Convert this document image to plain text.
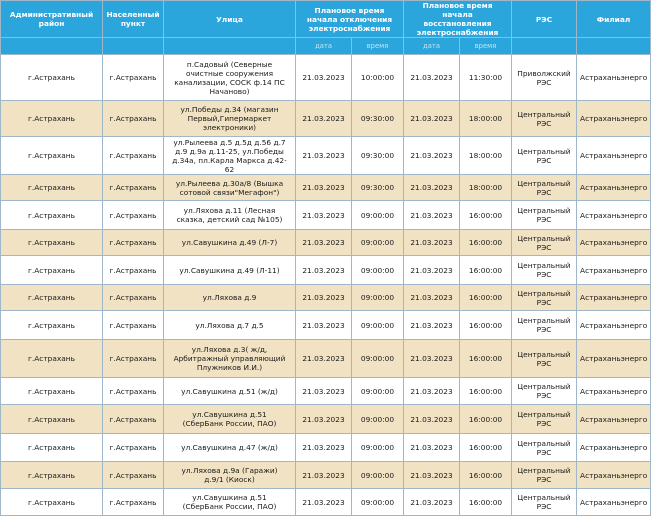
Административный район	Населенный пункт	Улица	Плановое время начала отключения электроснабжения		Плановое время начала восстановления электроснабжения		РЭС	Филиал
			дата	время	дата	время		
г.Астрахань	г.Астрахань	п.Садовый (Северные очистные сооружения канализации, СОСК ф.14 ПС Начаново)	21.03.2023	10:00:00	21.03.2023	11:30:00	Приволжский РЭС	Астраханьэнерго
г.Астрахань	г.Астрахань	ул.Победы д.34 (магазин Первый,Гипермаркет электроники)	21.03.2023	09:30:00	21.03.2023	18:00:00	Центральный РЭС	Астраханьэнерго
г.Астрахань	г.Астрахань	ул.Рылеева д.5 д.5д д.56 д.7 д.9 д.9а д.11-25, ул.Победы д.34а, пл.Карла Маркса д.42-62	21.03.2023	09:30:00	21.03.2023	18:00:00	Центральный РЭС	Астраханьэнерго
г.Астрахань	г.Астрахань	ул.Рылеева д.30а/8 (Вышка сотовой связи"Мегафон")	21.03.2023	09:30:00	21.03.2023	18:00:00	Центральный РЭС	Астраханьэнерго
г.Астрахань	г.Астрахань	ул.Ляхова д.11 (Лесная сказка, детский сад №105)	21.03.2023	09:00:00	21.03.2023	16:00:00	Центральный РЭС	Астраханьэнерго
г.Астрахань	г.Астрахань	ул.Савушкина д.49 (Л-7)	21.03.2023	09:00:00	21.03.2023	16:00:00	Центральный РЭС	Астраханьэнерго
г.Астрахань	г.Астрахань	ул.Савушкина д.49 (Л-11)	21.03.2023	09:00:00	21.03.2023	16:00:00	Центральный РЭС	Астраханьэнерго
г.Астрахань	г.Астрахань	ул.Ляхова д.9	21.03.2023	09:00:00	21.03.2023	16:00:00	Центральный РЭС	Астраханьэнерго
г.Астрахань	г.Астрахань	ул.Ляхова д.7 д.5	21.03.2023	09:00:00	21.03.2023	16:00:00	Центральный РЭС	Астраханьэнерго
г.Астрахань	г.Астрахань	ул.Ляхова д.3( ж/д, Арбитражный управляющий Плужников И.И.)	21.03.2023	09:00:00	21.03.2023	16:00:00	Центральный РЭС	Астраханьэнерго
г.Астрахань	г.Астрахань	ул.Савушкина д.51 (ж/д)	21.03.2023	09:00:00	21.03.2023	16:00:00	Центральный РЭС	Астраханьэнерго
г.Астрахань	г.Астрахань	ул.Савушкина д.51 (СберБанк России, ПАО)	21.03.2023	09:00:00	21.03.2023	16:00:00	Центральный РЭС	Астраханьэнерго
г.Астрахань	г.Астрахань	ул.Савушкина д.47 (ж/д)	21.03.2023	09:00:00	21.03.2023	16:00:00	Центральный РЭС	Астраханьэнерго
г.Астрахань	г.Астрахань	ул.Ляхова д.9а (Гаражи) д.9/1 (Киоск)	21.03.2023	09:00:00	21.03.2023	16:00:00	Центральный РЭС	Астраханьэнерго
г.Астрахань	г.Астрахань	ул.Савушкина д.51 (СберБанк России, ПАО)	21.03.2023	09:00:00	21.03.2023	16:00:00	Центральный РЭС	Астраханьэнерго
